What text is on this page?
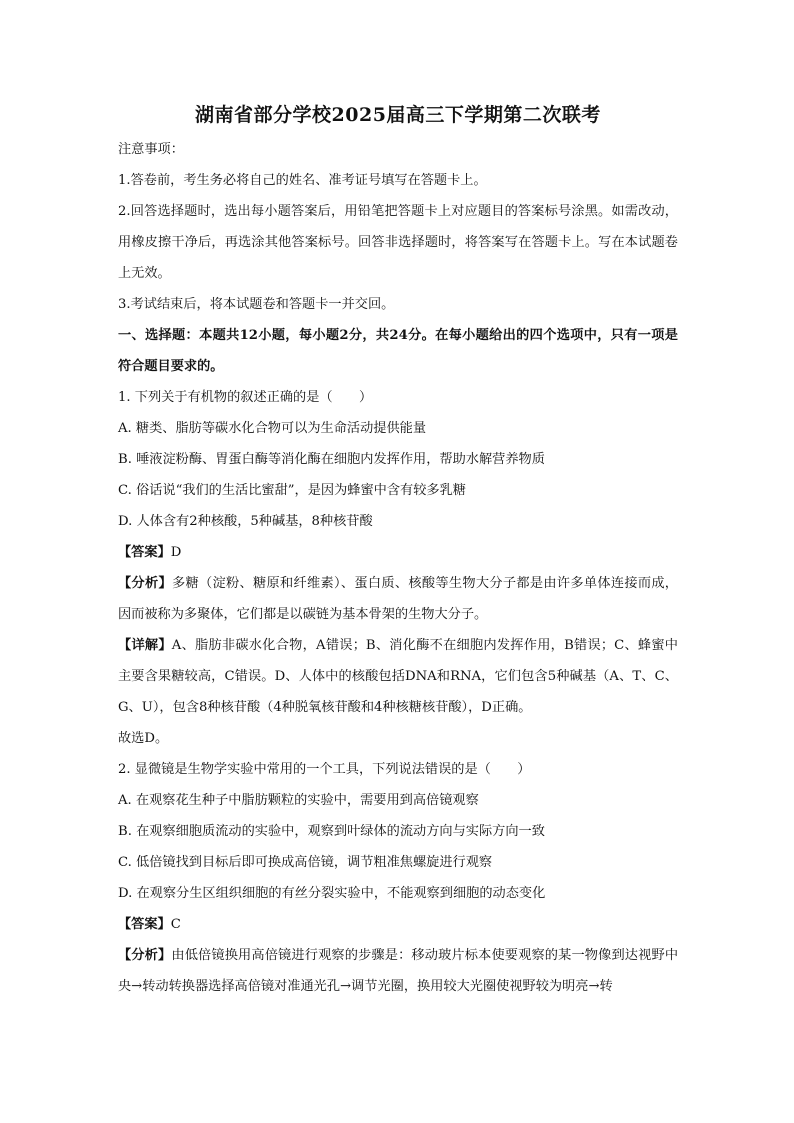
湖南省部分学校2025届高三下学期第二次联考

注意事项：

1.答卷前，考生务必将自己的姓名、准考证号填写在答题卡上。

2.回答选择题时，选出每小题答案后，用铅笔把答题卡上对应题目的答案标号涂黑。如需改动，用橡皮擦干净后，再选涂其他答案标号。回答非选择题时，将答案写在答题卡上。写在本试题卷上无效。

3.考试结束后，将本试题卷和答题卡一并交回。

一、选择题：本题共12小题，每小题2分，共24分。在每小题给出的四个选项中，只有一项是符合题目要求的。

1. 下列关于有机物的叙述正确的是（　　）

A. 糖类、脂肪等碳水化合物可以为生命活动提供能量

B. 唾液淀粉酶、胃蛋白酶等消化酶在细胞内发挥作用，帮助水解营养物质

C. 俗话说“我们的生活比蜜甜”，是因为蜂蜜中含有较多乳糖

D. 人体含有2种核酸，5种碱基，8种核苷酸

【答案】D

【分析】多糖（淀粉、糖原和纤维素）、蛋白质、核酸等生物大分子都是由许多单体连接而成，因而被称为多聚体，它们都是以碳链为基本骨架的生物大分子。

【详解】A、脂肪非碳水化合物，A错误；B、消化酶不在细胞内发挥作用，B错误；C、蜂蜜中主要含果糖较高，C错误。D、人体中的核酸包括DNA和RNA，它们包含5种碱基（A、T、C、G、U），包含8种核苷酸（4种脱氧核苷酸和4种核糖核苷酸），D正确。

故选D。

2. 显微镜是生物学实验中常用的一个工具，下列说法错误的是（　　）

A. 在观察花生种子中脂肪颗粒的实验中，需要用到高倍镜观察

B. 在观察细胞质流动的实验中，观察到叶绿体的流动方向与实际方向一致

C. 低倍镜找到目标后即可换成高倍镜，调节粗准焦螺旋进行观察

D. 在观察分生区组织细胞的有丝分裂实验中，不能观察到细胞的动态变化

【答案】C

【分析】由低倍镜换用高倍镜进行观察的步骤是：移动玻片标本使要观察的某一物像到达视野中央→转动转换器选择高倍镜对准通光孔→调节光圈，换用较大光圈使视野较为明亮→转
